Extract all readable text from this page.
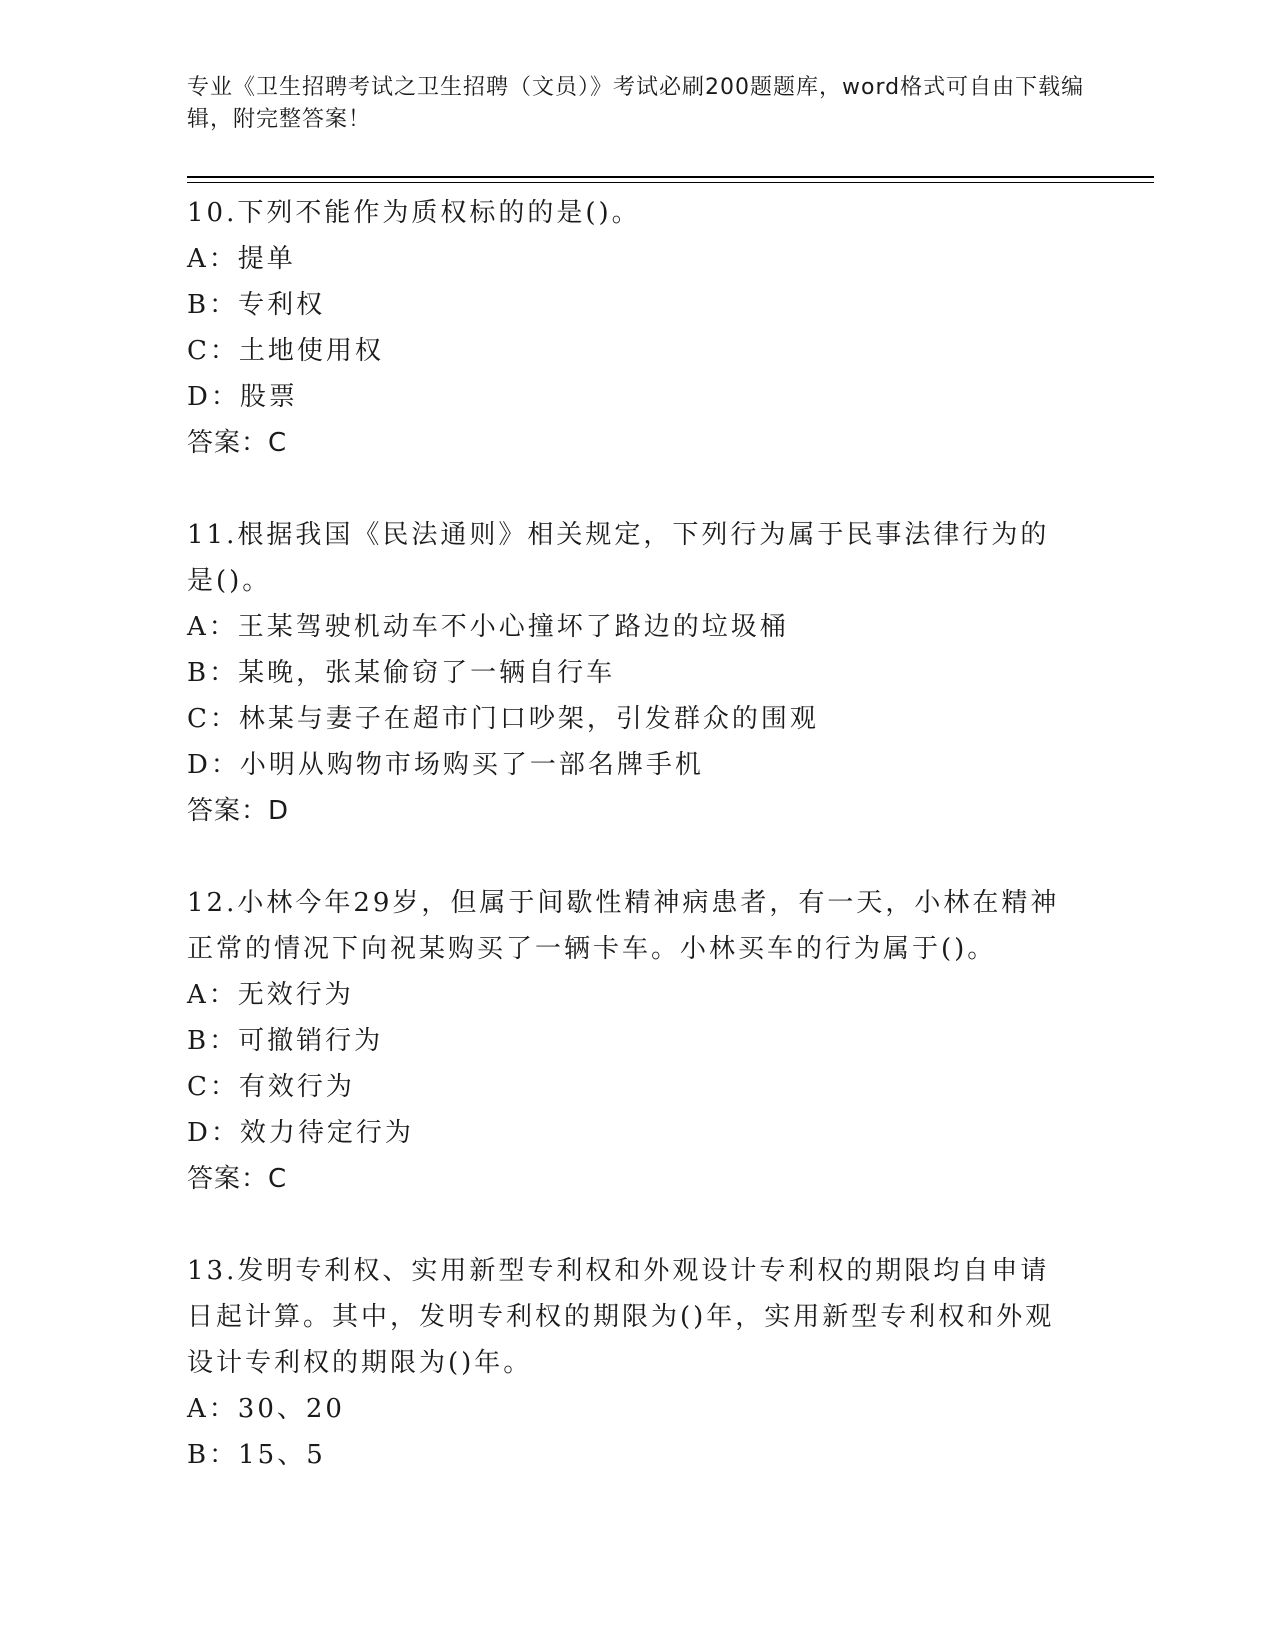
专业《卫生招聘考试之卫生招聘（文员）》考试必刷200题题库，word格式可自由下载编辑，附完整答案！
10.下列不能作为质权标的的是()。
A：提单
B：专利权
C：土地使用权
D：股票
答案：C
11.根据我国《民法通则》相关规定，下列行为属于民事法律行为的是()。
A：王某驾驶机动车不小心撞坏了路边的垃圾桶
B：某晚，张某偷窃了一辆自行车
C：林某与妻子在超市门口吵架，引发群众的围观
D：小明从购物市场购买了一部名牌手机
答案：D
12.小林今年29岁，但属于间歇性精神病患者，有一天，小林在精神正常的情况下向祝某购买了一辆卡车。小林买车的行为属于()。
A：无效行为
B：可撤销行为
C：有效行为
D：效力待定行为
答案：C
13.发明专利权、实用新型专利权和外观设计专利权的期限均自申请日起计算。其中，发明专利权的期限为()年，实用新型专利权和外观设计专利权的期限为()年。
A：30、20
B：15、5
